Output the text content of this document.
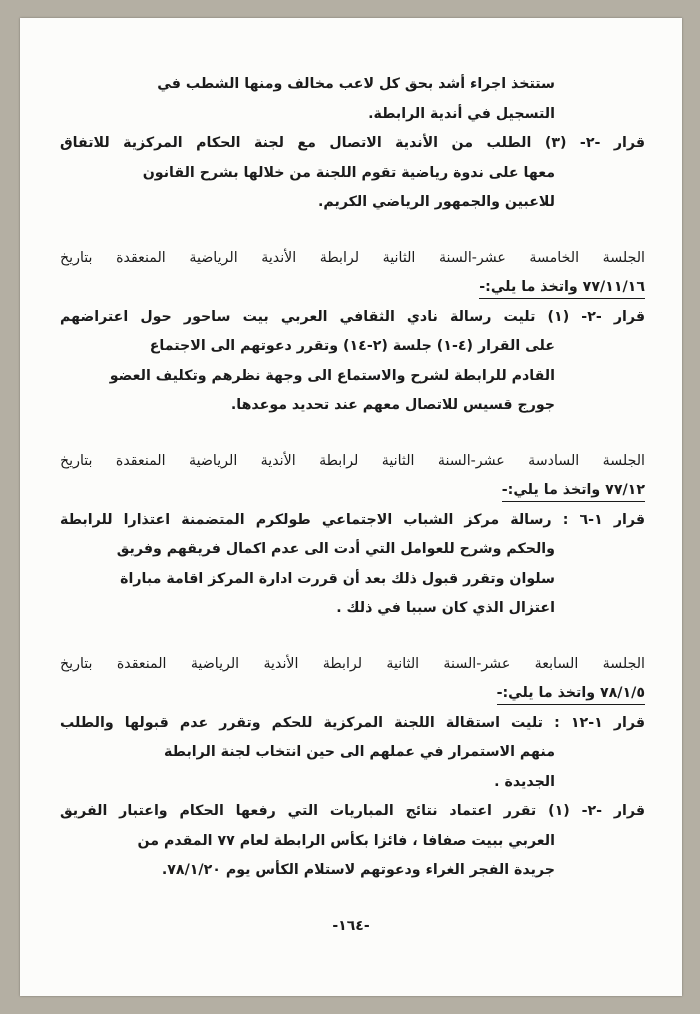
ستتخذ اجراء أشد بحق كل لاعب مخالف ومنها الشطب في
التسجيل في أندية الرابطة.
قرار -٢- (٣) الطلب من الأندية الاتصال مع لجنة الحكام المركزية للاتفاق
معها على ندوة رياضية تقوم اللجنة من خلالها بشرح القانون
للاعبين والجمهور الرياضي الكريم.
الجلسة الخامسة عشر-السنة الثانية لرابطة الأندية الرياضية المنعقدة بتاريخ
٧٧/١١/١٦ واتخذ ما يلي:-
قرار -٢- (١) تليت رسالة نادي الثقافي العربي بيت ساحور حول اعتراضهم
على القرار (٤-١) جلسة (٢-١٤) وتقرر دعوتهم الى الاجتماع
القادم للرابطة لشرح والاستماع الى وجهة نظرهم وتكليف العضو
جورج قسيس للاتصال معهم عند تحديد موعدها.
الجلسة السادسة عشر-السنة الثانية لرابطة الأندية الرياضية المنعقدة بتاريخ
٧٧/١٢ واتخذ ما يلي:-
قرار ١-٦ : رسالة مركز الشباب الاجتماعي طولكرم المتضمنة اعتذارا للرابطة
والحكم وشرح للعوامل التي أدت الى عدم اكمال فريقهم وفريق
سلوان وتقرر قبول ذلك بعد أن قررت ادارة المركز اقامة مباراة
اعتزال الذي كان سببا في ذلك .
الجلسة السابعة عشر-السنة الثانية لرابطة الأندية الرياضية المنعقدة بتاريخ
٧٨/١/٥ واتخذ ما يلي:-
قرار ١-١٢ : تليت استقالة اللجنة المركزية للحكم وتقرر عدم قبولها والطلب
منهم الاستمرار في عملهم الى حين انتخاب لجنة الرابطة
الجديدة .
قرار -٢- (١) تقرر اعتماد نتائج المباريات التي رفعها الحكام واعتبار الفريق
العربي ببيت صفافا ، فائزا بكأس الرابطة لعام ٧٧ المقدم من
جريدة الفجر الغراء ودعوتهم لاستلام الكأس يوم ٧٨/١/٢٠.
-١٦٤-
